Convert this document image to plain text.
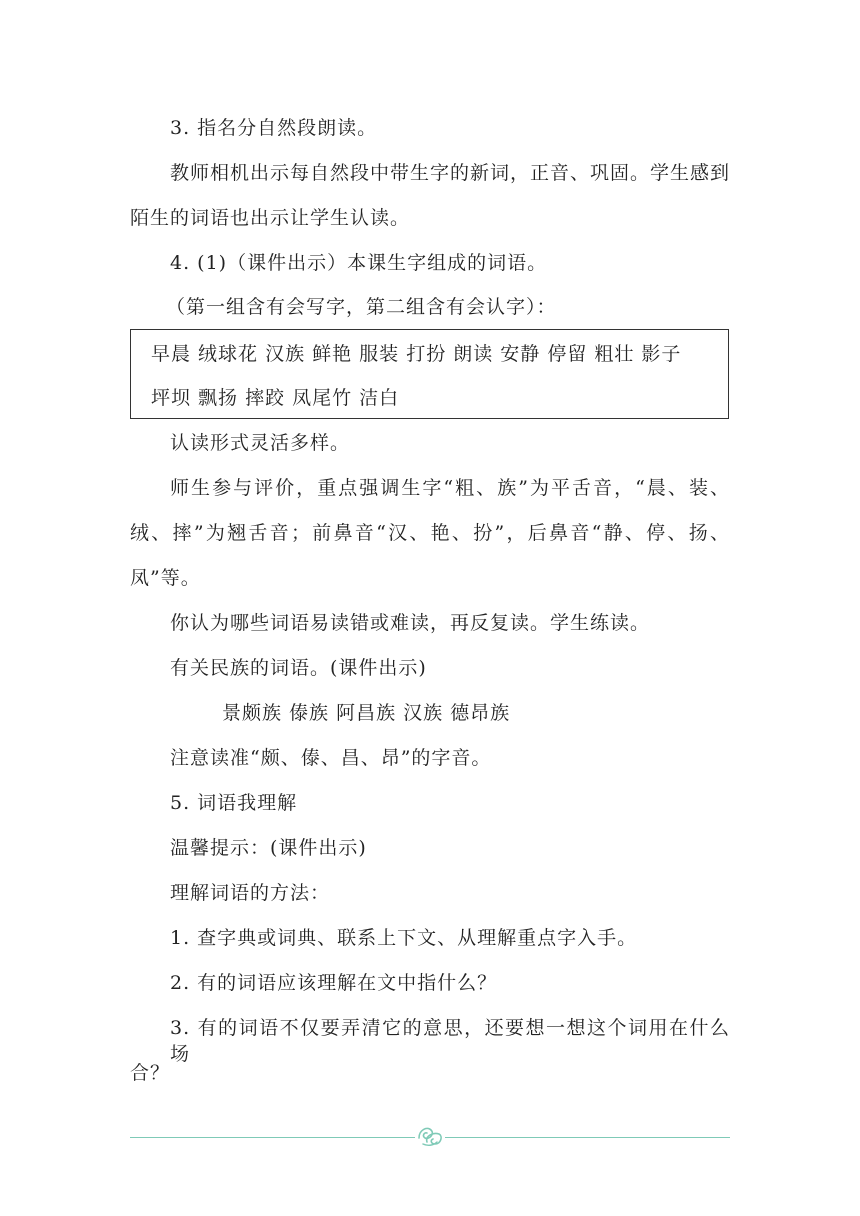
3. 指名分自然段朗读。
教师相机出示每自然段中带生字的新词，正音、巩固。学生感到
陌生的词语也出示让学生认读。
4. (1)（课件出示）本课生字组成的词语。
（第一组含有会写字，第二组含有会认字）：
早晨 绒球花 汉族 鲜艳 服装 打扮 朗读 安静 停留 粗壮 影子
坪坝 飘扬 摔跤 凤尾竹 洁白
认读形式灵活多样。
师生参与评价，重点强调生字“粗、族”为平舌音，“晨、装、
绒、摔”为翘舌音；前鼻音“汉、艳、扮”，后鼻音“静、停、扬、
凤”等。
你认为哪些词语易读错或难读，再反复读。学生练读。
有关民族的词语。(课件出示)
景颇族 傣族 阿昌族 汉族 德昂族
注意读准“颇、傣、昌、昂”的字音。
5. 词语我理解
温馨提示：(课件出示)
理解词语的方法：
1. 查字典或词典、联系上下文、从理解重点字入手。
2. 有的词语应该理解在文中指什么？
3. 有的词语不仅要弄清它的意思，还要想一想这个词用在什么场
合？
